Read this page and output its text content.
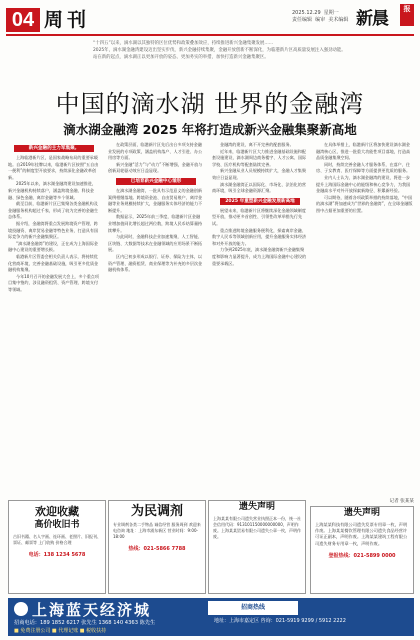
04 周刊	2025.12.29  星期一
责任编辑  编审  美术编辑 新晨	报

“十四五”以来，滴水湖以其独特的区位优势和政策叠加效应，持续推进新兴金融集聚发展……

2025年，滴水湖金融湾建设迈出坚实步伐，新兴金融持续集聚，金融开放创新不断深化，为临港新片区高质量发展注入强劲动能。

站在新的起点，滴水湖正以更加开放的姿态、更加务实的举措，加快打造新兴金融集聚区。

中国的滴水湖 世界的金融湾
滴水湖金融湾 2025 年将打造成新兴金融集聚新高地
新兴金融的主力军集聚。

上海临港新片区，是国家战略布局的重要承载地。自2019年挂牌以来，临港新片区按照“五自由一便利”的制度型开放要求，持续深化金融改革创新。

2025年以来，滴水湖金融湾建设加速推进，新兴金融机构持续落户，涵盖跨境金融、科技金融、绿色金融、离岸金融等多个领域。

截至目前，临港新片区已集聚各类金融机构及金融服务机构超过千家，形成了较为完善的金融生态体系。

据介绍，金融湾将重点发展跨境资产管理、跨境投融资、离岸贸易金融等特色业务，打造具有国际竞争力的新兴金融集聚区。

“滴水湖金融湾”的建设，正在成为上海国际金融中心建设的重要增长极。

临港新片区管委会相关负责人表示，将持续优化营商环境，完善金融基础设施，吸引更多优质金融机构集聚。

今年10月召开的金融发展大会上，多个重点项目集中签约，涉及融资租赁、资产管理、跨境支付等领域。

在政策层面，临港新片区先后出台多项支持金融业发展的专项政策，涵盖机构落户、人才引进、办公用房等方面。

新兴金融“活力”与“动力”不断增强，金融开放与创新双轮驱动效应日益显现。

已培育新兴金融中心雏形

在滴水湖金融湾，一批具有示范意义的金融创新案例相继落地。跨境资金池、自由贸易账户、离岸金融等业务规模持续扩大，金融服务实体经济的能力不断提升。

数据显示，2025年前三季度，临港新片区金融业增加值同比增长超过两位数，跨境人民币结算量持续攀升。

与此同时，金融科技企业加速集聚，人工智能、区块链、大数据等技术在金融领域的应用场景不断拓展。

区内已初步形成以银行、证券、保险为主体，以资产管理、融资租赁、商业保理等为补充的多层次金融机构体系。

金融湾的建设，离不开完善的配套服务。

近年来，临港新片区大力推进金融基础设施和配套设施建设，滴水湖周边商务楼宇、人才公寓、国际学校、医疗机构等配套陆续完善。

新兴金融从业人员规模持续扩大，金融人才集聚效应日益显现。

滴水湖金融湾正以国际化、市场化、法治化的营商环境，吸引全球金融资源汇聚。

2025 年重塑新兴金融发展新高地

展望未来，临港新片区将继续深化金融领域制度型开放，推动更多首创性、引领性改革举措先行先试。

重点推进跨境金融服务便利化，探索离岸金融、数字人民币等领域创新应用，提升金融服务实体经济和对外开放的能力。

力争到2025年底，滴水湖金融湾新兴金融集聚度和影响力显著提升，成为上海国际金融中心建设的重要承载区。

在具体举措上，临港新片区将加快建设滴水湖金融湾核心区，推进一批重大功能性项目落地，打造高品质金融集聚空间。

同时，持续完善金融人才服务体系，在落户、住房、子女教育、医疗保障等方面提供更优质的服务。

业内人士认为，滴水湖金融湾的建设，将进一步提升上海国际金融中心的能级和核心竞争力，为我国金融高水平对外开放探索新路径、积累新经验。

可以期待，随着各项政策举措的持续落地，“中国的滴水湖”将加速成为“世界的金融湾”，在全球金融版图中占据更加重要的位置。

记者 张某某
欢迎收藏
高价收旧书
古旧书籍、名人字画、连环画、老照片、旧报刊、票证、邮票等 上门收购 价格合理
电话：138 1234 5678
为民调剂
专业调剂各类二手物品 诚信经营 服务周到 欢迎来电咨询 地址：上海市浦东新区 营业时间：9:00-18:00
热线：021-5866 7788
遗失声明
上海某某有限公司遗失营业执照正本一份，统一社会信用代码：913101150000000000，声明作废。上海某某贸易有限公司遗失公章一枚，声明作废。
遗失声明
上海某某科技有限公司遗失发票专用章一枚，声明作废。上海某某餐饮管理有限公司遗失食品经营许可证正副本，声明作废。上海某某建筑工程有限公司遗失财务专用章一枚，声明作废。
登报热线：021-5899 0000
上海蓝天经济城	招商热线
招商电话：189 1852 6217 张先生 1368 140 4363 陈先生
■ 免费注册公司 ■ 代理记账 ■ 税收扶持
地址：上海市嘉定区 咨询：021-5919 9299 / 5912 2222
